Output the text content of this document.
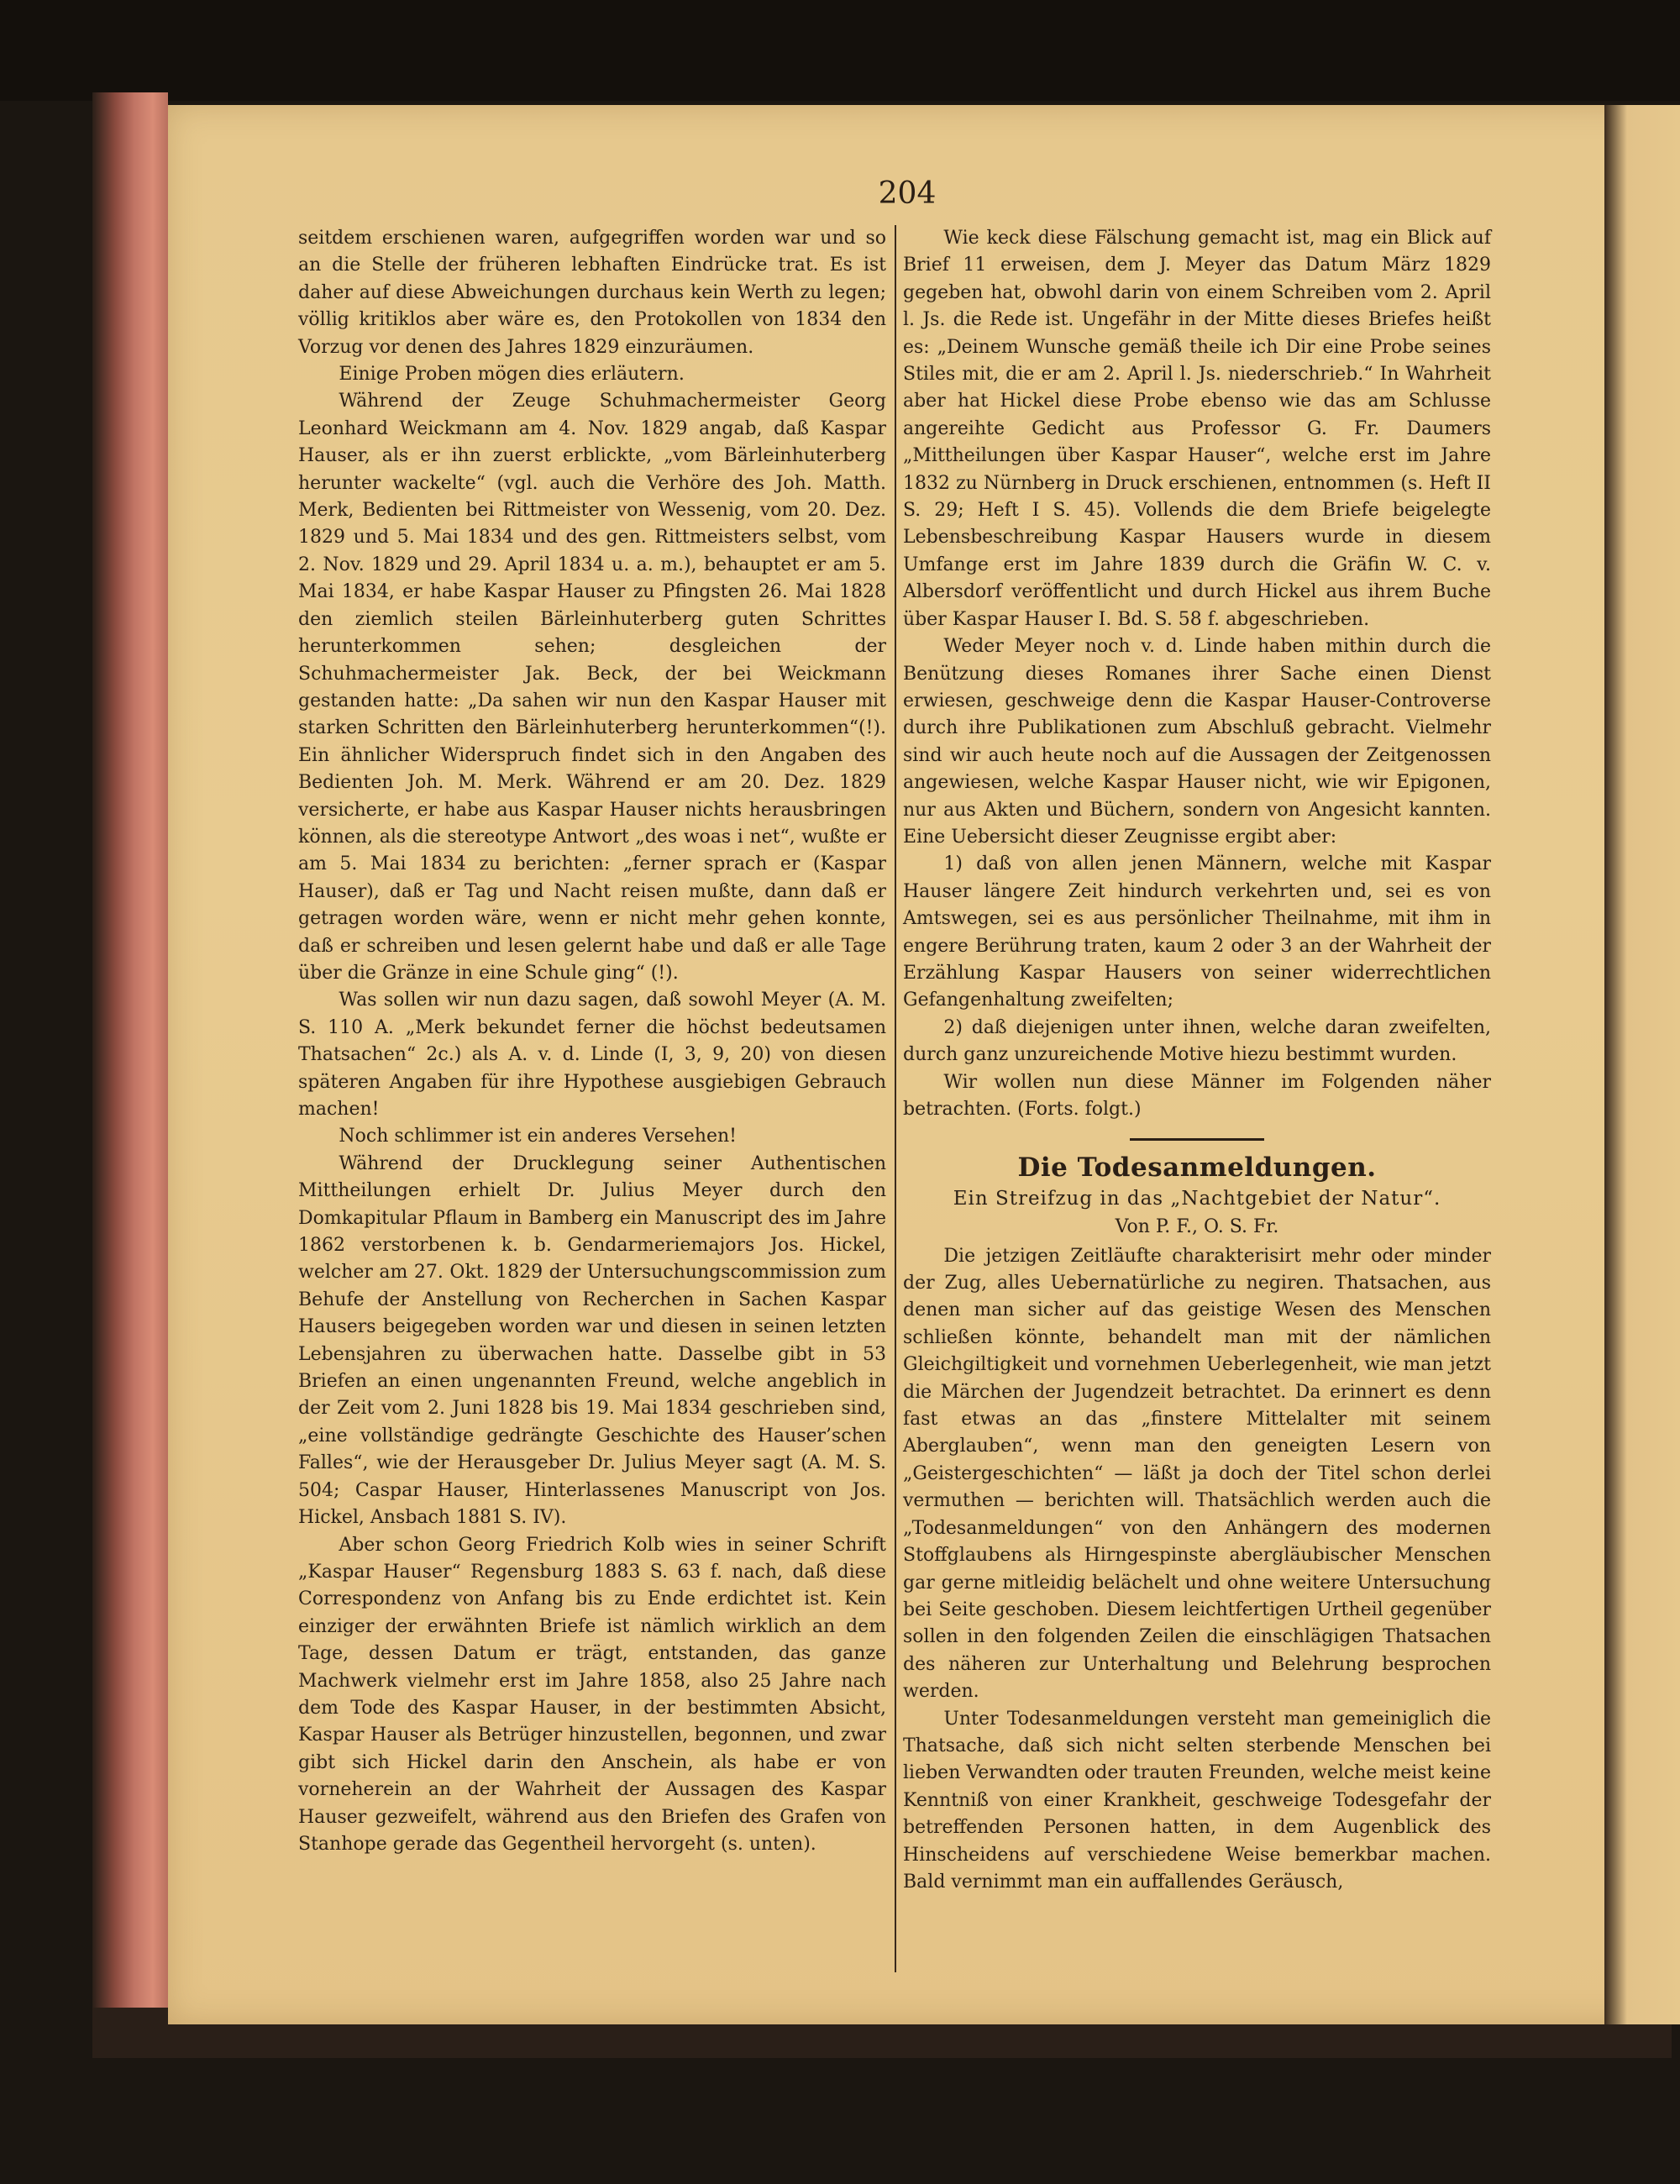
204

seitdem erschienen waren, aufgegriffen worden war und so an die Stelle der früheren lebhaften Eindrücke trat. Es ist daher auf diese Abweichungen durchaus kein Werth zu legen; völlig kritiklos aber wäre es, den Protokollen von 1834 den Vorzug vor denen des Jahres 1829 einzuräumen.

Einige Proben mögen dies erläutern.

Während der Zeuge Schuhmachermeister Georg Leonhard Weickmann am 4. Nov. 1829 angab, daß Kaspar Hauser, als er ihn zuerst erblickte, „vom Bärleinhuterberg herunter wackelte“ (vgl. auch die Verhöre des Joh. Matth. Merk, Bedienten bei Rittmeister von Wessenig, vom 20. Dez. 1829 und 5. Mai 1834 und des gen. Rittmeisters selbst, vom 2. Nov. 1829 und 29. April 1834 u. a. m.), behauptet er am 5. Mai 1834, er habe Kaspar Hauser zu Pfingsten 26. Mai 1828 den ziemlich steilen Bärleinhuterberg guten Schrittes herunterkommen sehen; desgleichen der Schuhmachermeister Jak. Beck, der bei Weickmann gestanden hatte: „Da sahen wir nun den Kaspar Hauser mit starken Schritten den Bärleinhuterberg herunterkommen“(!). Ein ähnlicher Widerspruch findet sich in den Angaben des Bedienten Joh. M. Merk. Während er am 20. Dez. 1829 versicherte, er habe aus Kaspar Hauser nichts herausbringen können, als die stereotype Antwort „des woas i net“, wußte er am 5. Mai 1834 zu berichten: „ferner sprach er (Kaspar Hauser), daß er Tag und Nacht reisen mußte, dann daß er getragen worden wäre, wenn er nicht mehr gehen konnte, daß er schreiben und lesen gelernt habe und daß er alle Tage über die Gränze in eine Schule ging“ (!).

Was sollen wir nun dazu sagen, daß sowohl Meyer (A. M. S. 110 A. „Merk bekundet ferner die höchst bedeutsamen Thatsachen“ 2c.) als A. v. d. Linde (I, 3, 9, 20) von diesen späteren Angaben für ihre Hypothese ausgiebigen Gebrauch machen!

Noch schlimmer ist ein anderes Versehen!

Während der Drucklegung seiner Authentischen Mittheilungen erhielt Dr. Julius Meyer durch den Domkapitular Pflaum in Bamberg ein Manuscript des im Jahre 1862 verstorbenen k. b. Gendarmeriemajors Jos. Hickel, welcher am 27. Okt. 1829 der Untersuchungscommission zum Behufe der Anstellung von Recherchen in Sachen Kaspar Hausers beigegeben worden war und diesen in seinen letzten Lebensjahren zu überwachen hatte. Dasselbe gibt in 53 Briefen an einen ungenannten Freund, welche angeblich in der Zeit vom 2. Juni 1828 bis 19. Mai 1834 geschrieben sind, „eine vollständige gedrängte Geschichte des Hauser’schen Falles“, wie der Herausgeber Dr. Julius Meyer sagt (A. M. S. 504; Caspar Hauser, Hinterlassenes Manuscript von Jos. Hickel, Ansbach 1881 S. IV).

Aber schon Georg Friedrich Kolb wies in seiner Schrift „Kaspar Hauser“ Regensburg 1883 S. 63 f. nach, daß diese Correspondenz von Anfang bis zu Ende erdichtet ist. Kein einziger der erwähnten Briefe ist nämlich wirklich an dem Tage, dessen Datum er trägt, entstanden, das ganze Machwerk vielmehr erst im Jahre 1858, also 25 Jahre nach dem Tode des Kaspar Hauser, in der bestimmten Absicht, Kaspar Hauser als Betrüger hinzustellen, begonnen, und zwar gibt sich Hickel darin den Anschein, als habe er von vorneherein an der Wahrheit der Aussagen des Kaspar Hauser gezweifelt, während aus den Briefen des Grafen von Stanhope gerade das Gegentheil hervorgeht (s. unten).

Wie keck diese Fälschung gemacht ist, mag ein Blick auf Brief 11 erweisen, dem J. Meyer das Datum März 1829 gegeben hat, obwohl darin von einem Schreiben vom 2. April l. Js. die Rede ist. Ungefähr in der Mitte dieses Briefes heißt es: „Deinem Wunsche gemäß theile ich Dir eine Probe seines Stiles mit, die er am 2. April l. Js. niederschrieb.“ In Wahrheit aber hat Hickel diese Probe ebenso wie das am Schlusse angereihte Gedicht aus Professor G. Fr. Daumers „Mittheilungen über Kaspar Hauser“, welche erst im Jahre 1832 zu Nürnberg in Druck erschienen, entnommen (s. Heft II S. 29; Heft I S. 45). Vollends die dem Briefe beigelegte Lebensbeschreibung Kaspar Hausers wurde in diesem Umfange erst im Jahre 1839 durch die Gräfin W. C. v. Albersdorf veröffentlicht und durch Hickel aus ihrem Buche über Kaspar Hauser I. Bd. S. 58 f. abgeschrieben.

Weder Meyer noch v. d. Linde haben mithin durch die Benützung dieses Romanes ihrer Sache einen Dienst erwiesen, geschweige denn die Kaspar Hauser-Controverse durch ihre Publikationen zum Abschluß gebracht. Vielmehr sind wir auch heute noch auf die Aussagen der Zeitgenossen angewiesen, welche Kaspar Hauser nicht, wie wir Epigonen, nur aus Akten und Büchern, sondern von Angesicht kannten. Eine Uebersicht dieser Zeugnisse ergibt aber:

1) daß von allen jenen Männern, welche mit Kaspar Hauser längere Zeit hindurch verkehrten und, sei es von Amtswegen, sei es aus persönlicher Theilnahme, mit ihm in engere Berührung traten, kaum 2 oder 3 an der Wahrheit der Erzählung Kaspar Hausers von seiner widerrechtlichen Gefangenhaltung zweifelten;

2) daß diejenigen unter ihnen, welche daran zweifelten, durch ganz unzureichende Motive hiezu bestimmt wurden.

Wir wollen nun diese Männer im Folgenden näher betrachten. (Forts. folgt.)

Die Todesanmeldungen.
Ein Streifzug in das „Nachtgebiet der Natur“.
Von P. F., O. S. Fr.

Die jetzigen Zeitläufte charakterisirt mehr oder minder der Zug, alles Uebernatürliche zu negiren. Thatsachen, aus denen man sicher auf das geistige Wesen des Menschen schließen könnte, behandelt man mit der nämlichen Gleichgiltigkeit und vornehmen Ueberlegenheit, wie man jetzt die Märchen der Jugendzeit betrachtet. Da erinnert es denn fast etwas an das „finstere Mittelalter mit seinem Aberglauben“, wenn man den geneigten Lesern von „Geistergeschichten“ — läßt ja doch der Titel schon derlei vermuthen — berichten will. Thatsächlich werden auch die „Todesanmeldungen“ von den Anhängern des modernen Stoffglaubens als Hirngespinste abergläubischer Menschen gar gerne mitleidig belächelt und ohne weitere Untersuchung bei Seite geschoben. Diesem leichtfertigen Urtheil gegenüber sollen in den folgenden Zeilen die einschlägigen Thatsachen des näheren zur Unterhaltung und Belehrung besprochen werden.

Unter Todesanmeldungen versteht man gemeiniglich die Thatsache, daß sich nicht selten sterbende Menschen bei lieben Verwandten oder trauten Freunden, welche meist keine Kenntniß von einer Krankheit, geschweige Todesgefahr der betreffenden Personen hatten, in dem Augenblick des Hinscheidens auf verschiedene Weise bemerkbar machen. Bald vernimmt man ein auffallendes Geräusch,
